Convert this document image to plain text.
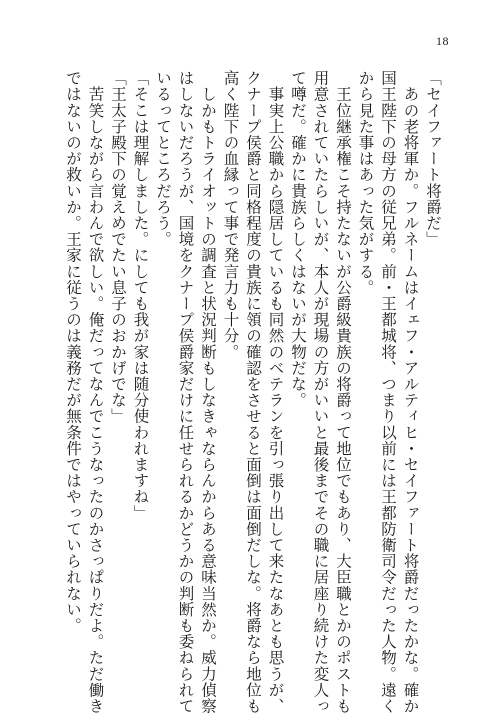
18

「セイファート将爵だ」

　あの老将軍か。フルネームはイェフ・アルティヒ・セイファート将爵だったかな。確か

国王陛下の母方の従兄弟。前・王都城将、つまり以前には王都防衛司令だった人物。遠く

から見た事はあった気がする。

　王位継承権こそ持たないが公爵級貴族の将爵って地位でもあり、大臣職とかのポストも

用意されていたらしいが、本人が現場の方がいいと最後までその職に居座り続けた変人っ

て噂だ。確かに貴族らしくはないが大物だな。

　事実上公職から隠居しているも同然のベテランを引っ張り出して来たなあとも思うが、

クナープ侯爵と同格程度の貴族に領の確認をさせると面倒は面倒だしな。将爵なら地位も

高く陛下の血縁って事で発言力も十分。

　しかもトライオットの調査と状況判断もしなきゃならんからある意味当然か。威力偵察

はしないだろうが、国境をクナープ侯爵家だけに任せられるかどうかの判断も委ねられて

いるってところだろう。

「そこは理解しました。にしても我が家は随分使われますね」

「王太子殿下の覚えめでたい息子のおかげでな」

　苦笑しながら言わんで欲しい。俺だってなんでこうなったのかさっぱりだよ。ただ働き

ではないのが救いか。王家に従うのは義務だが無条件ではやっていられない。
